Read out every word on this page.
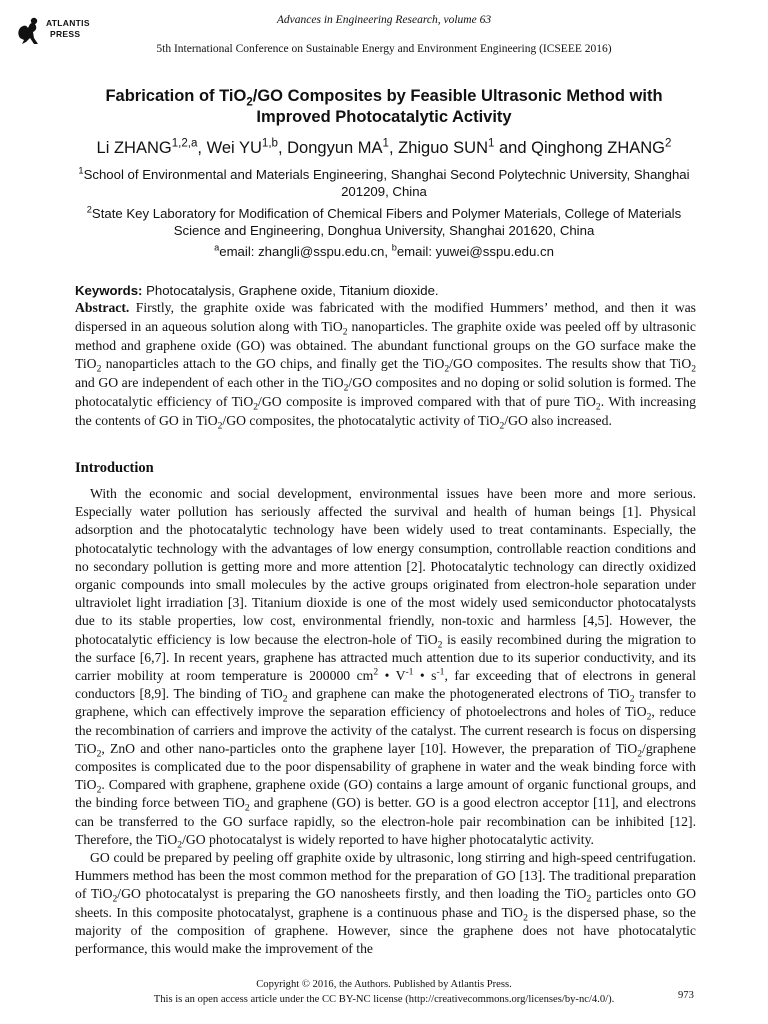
ATLANTIS
PRESS
Advances in Engineering Research, volume 63
5th International Conference on Sustainable Energy and Environment Engineering (ICSEEE 2016)
Fabrication of TiO$_2$/GO Composites by Feasible Ultrasonic Method with
Improved Photocatalytic Activity
Li ZHANG$^{1,2,a}$, Wei YU$^{1,b}$, Dongyun $MA^1$, Zhiguo SUN$^1$ and Qinghong ZHANG$^2$
$^1$School of Environmental and Materials Engineering, Shanghai Second Polytechnic University, Shanghai 201209, China
$^2$State Key Laboratory for Modification of Chemical Fibers and Polymer Materials, College of Materials Science and Engineering, Donghua University, Shanghai 201620, China
$^a$email: zhangli@sspu.edu.cn, $^b$email: yuwei@sspu.edu.cn
Keywords: Photocatalysis, Graphene oxide, Titanium dioxide.
Abstract. Firstly, the graphite oxide was fabricated with the modified Hummers’ method, and then it was dispersed in an aqueous solution along with TiO$_2$ nanoparticles. The graphite oxide was peeled off by ultrasonic method and graphene oxide (GO) was obtained. The abundant functional groups on the GO surface make the TiO$_2$ nanoparticles attach to the GO chips, and finally get the TiO$_2$/GO composites. The results show that TiO$_2$ and GO are independent of each other in the TiO$_2$/GO composites and no doping or solid solution is formed. The photocatalytic efficiency of TiO$_2$/GO composite is improved compared with that of pure TiO$_2$. With increasing the contents of GO in TiO$_2$/GO composites, the photocatalytic activity of TiO$_2$/GO also increased.
Introduction

With the economic and social development, environmental issues have been more and more serious. Especially water pollution has seriously affected the survival and health of human beings [1]. Physical adsorption and the photocatalytic technology have been widely used to treat contaminants. Especially, the photocatalytic technology with the advantages of low energy consumption, controllable reaction conditions and no secondary pollution is getting more and more attention [2]. Photocatalytic technology can directly oxidized organic compounds into small molecules by the active groups originated from electron-hole separation under ultraviolet light irradiation [3]. Titanium dioxide is one of the most widely used semiconductor photocatalysts due to its stable properties, low cost, environmental friendly, non-toxic and harmless [4,5]. However, the photocatalytic efficiency is low because the electron-hole of TiO$_2$ is easily recombined during the migration to the surface [6,7]. In recent years, graphene has attracted much attention due to its superior conductivity, and its carrier mobility at room temperature is 200000 $cm^2$ • $V^{-1}$ • $s^{-1}$, far exceeding that of electrons in general conductors [8,9]. The binding of TiO$_2$ and graphene can make the photogenerated electrons of TiO$_2$ transfer to graphene, which can effectively improve the separation efficiency of photoelectrons and holes of TiO$_2$, reduce the recombination of carriers and improve the activity of the catalyst. The current research is focus on dispersing TiO$_2$, ZnO and other nano-particles onto the graphene layer [10]. However, the preparation of TiO$_2$/graphene composites is complicated due to the poor dispensability of graphene in water and the weak binding force with TiO$_2$. Compared with graphene, graphene oxide (GO) contains a large amount of organic functional groups, and the binding force between TiO$_2$ and graphene (GO) is better. GO is a good electron acceptor [11], and electrons can be transferred to the GO surface rapidly, so the electron-hole pair recombination can be inhibited [12]. Therefore, the TiO$_2$/GO photocatalyst is widely reported to have higher photocatalytic activity.

GO could be prepared by peeling off graphite oxide by ultrasonic, long stirring and high-speed centrifugation. Hummers method has been the most common method for the preparation of GO [13]. The traditional preparation of TiO$_2$/GO photocatalyst is preparing the GO nanosheets firstly, and then loading the TiO$_2$ particles onto GO sheets. In this composite photocatalyst, graphene is a continuous phase and TiO$_2$ is the dispersed phase, so the majority of the composition of graphene. However, since the graphene does not have photocatalytic performance, this would make the improvement of the

Copyright © 2016, the Authors. Published by Atlantis Press.
This is an open access article under the CC BY-NC license (http://creativecommons.org/licenses/by-nc/4.0/).	973
